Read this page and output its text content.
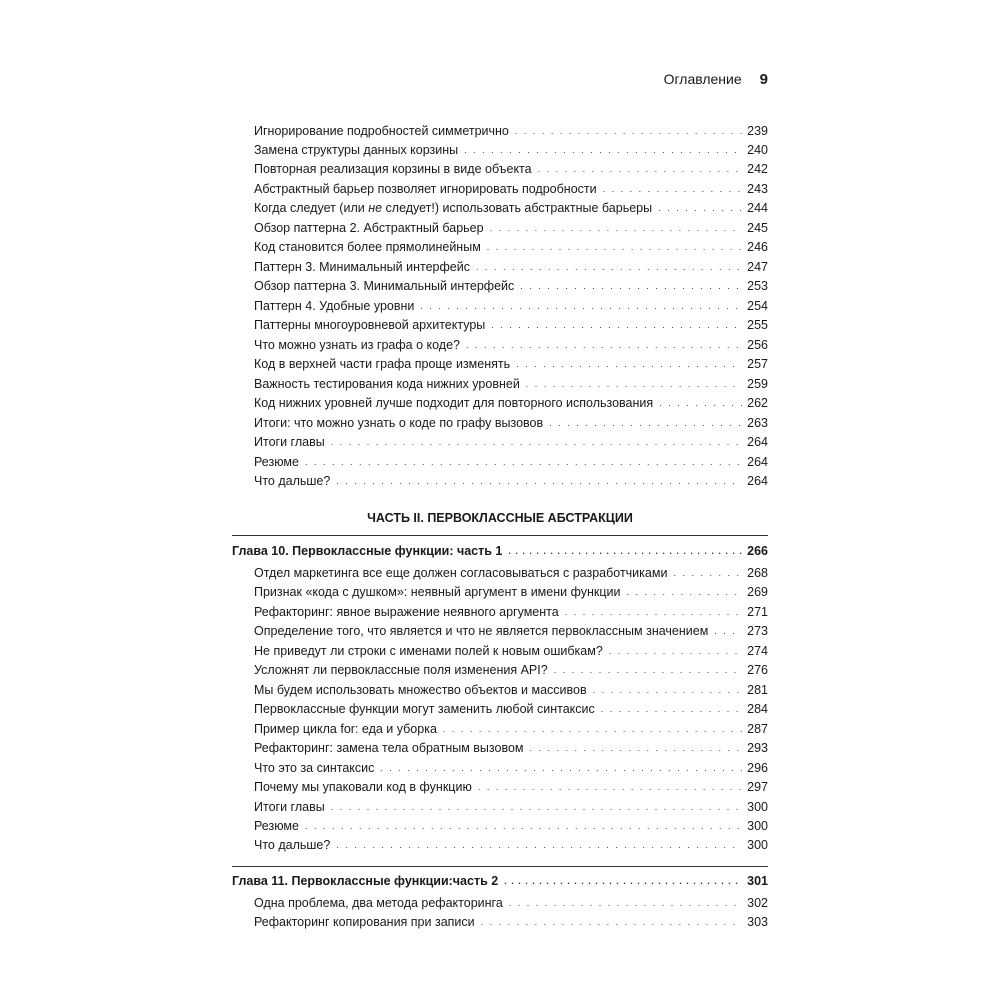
Оглавление 9
Игнорирование подробностей симметрично . . .	239
Замена структуры данных корзины . . .	240
Повторная реализация корзины в виде объекта . . .	242
Абстрактный барьер позволяет игнорировать подробности . . .	243
Когда следует (или не следует!) использовать абстрактные барьеры . . .	244
Обзор паттерна 2. Абстрактный барьер . . .	245
Код становится более прямолинейным . . .	246
Паттерн 3. Минимальный интерфейс . . .	247
Обзор паттерна 3. Минимальный интерфейс . . .	253
Паттерн 4. Удобные уровни . . .	254
Паттерны многоуровневой архитектуры . . .	255
Что можно узнать из графа о коде? . . .	256
Код в верхней части графа проще изменять . . .	257
Важность тестирования кода нижних уровней . . .	259
Код нижних уровней лучше подходит для повторного использования . . .	262
Итоги: что можно узнать о коде по графу вызовов . . .	263
Итоги главы . . .	264
Резюме . . .	264
Что дальше? . . .	264
ЧАСТЬ II. ПЕРВОКЛАССНЫЕ АБСТРАКЦИИ
Глава 10. Первоклассные функции: часть 1 . . .	266
Отдел маркетинга все еще должен согласовываться с разработчиками . . .	268
Признак «кода с душком»: неявный аргумент в имени функции . . .	269
Рефакторинг: явное выражение неявного аргумента . . .	271
Определение того, что является и что не является первоклассным значением . . .	273
Не приведут ли строки с именами полей к новым ошибкам? . . .	274
Усложнят ли первоклассные поля изменения API? . . .	276
Мы будем использовать множество объектов и массивов . . .	281
Первоклассные функции могут заменить любой синтаксис . . .	284
Пример цикла for: еда и уборка . . .	287
Рефакторинг: замена тела обратным вызовом . . .	293
Что это за синтаксис . . .	296
Почему мы упаковали код в функцию . . .	297
Итоги главы . . .	300
Резюме . . .	300
Что дальше? . . .	300
Глава 11. Первоклассные функции:часть 2 . . .	301
Одна проблема, два метода рефакторинга . . .	302
Рефакторинг копирования при записи . . .	303
